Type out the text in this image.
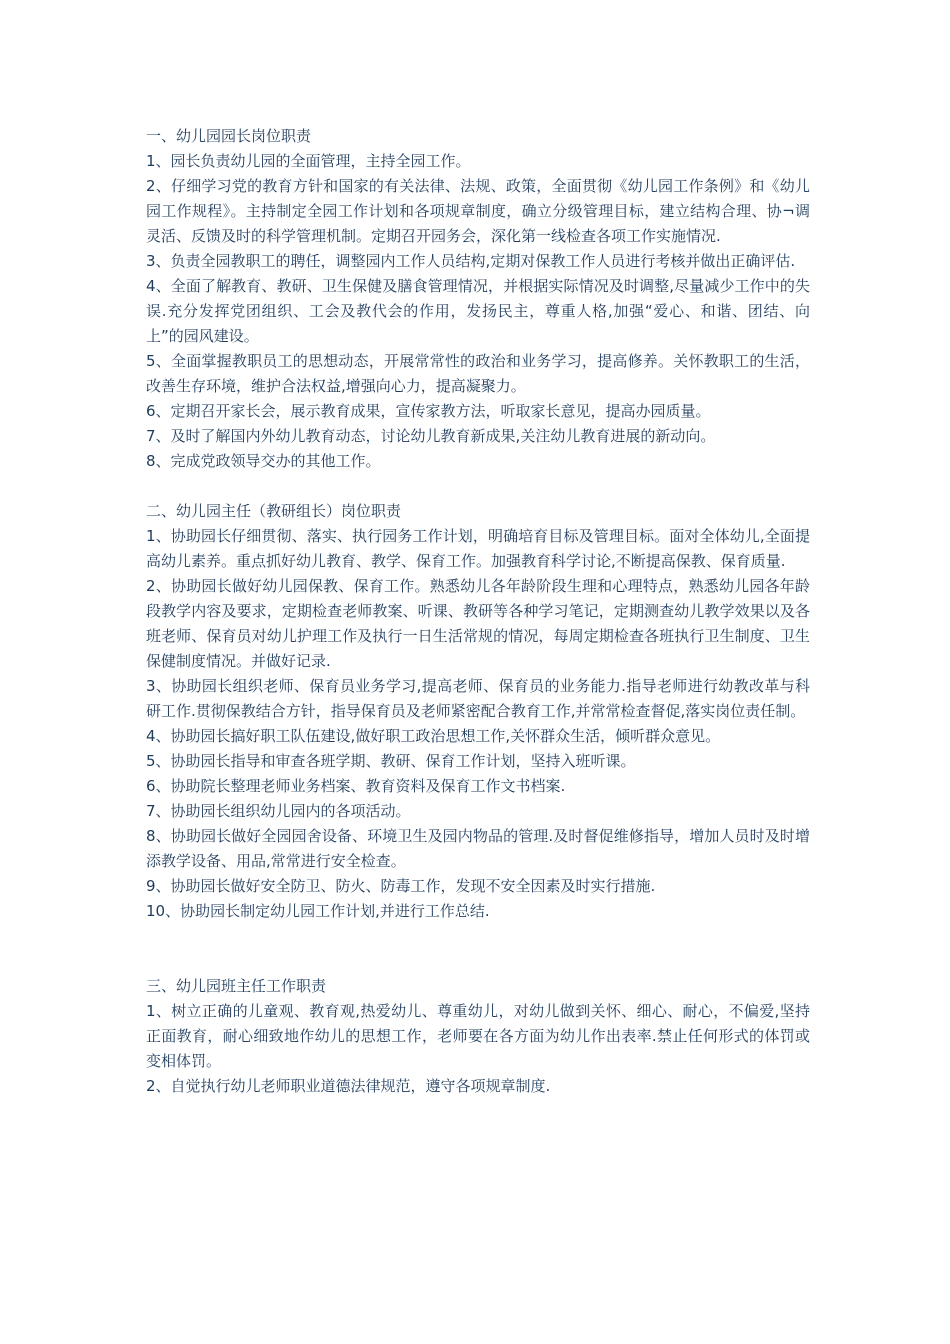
一、幼儿园园长岗位职责

1、园长负责幼儿园的全面管理，主持全园工作。

2、仔细学习党的教育方针和国家的有关法律、法规、政策，全面贯彻《幼儿园工作条例》和《幼儿园工作规程》。主持制定全园工作计划和各项规章制度，确立分级管理目标，建立结构合理、协¬调灵活、反馈及时的科学管理机制。定期召开园务会，深化第一线检查各项工作实施情况.

3、负责全园教职工的聘任，调整园内工作人员结构,定期对保教工作人员进行考核并做出正确评估.

4、全面了解教育、教研、卫生保健及膳食管理情况，并根据实际情况及时调整,尽量减少工作中的失误.充分发挥党团组织、工会及教代会的作用，发扬民主，尊重人格,加强“爱心、和谐、团结、向上”的园风建设。

5、全面掌握教职员工的思想动态，开展常常性的政治和业务学习，提高修养。关怀教职工的生活，改善生存环境，维护合法权益,增强向心力，提高凝聚力。

6、定期召开家长会，展示教育成果，宣传家教方法，听取家长意见，提高办园质量。

7、及时了解国内外幼儿教育动态，讨论幼儿教育新成果,关注幼儿教育进展的新动向。

8、完成党政领导交办的其他工作。

二、幼儿园主任（教研组长）岗位职责

1、协助园长仔细贯彻、落实、执行园务工作计划，明确培育目标及管理目标。面对全体幼儿,全面提高幼儿素养。重点抓好幼儿教育、教学、保育工作。加强教育科学讨论,不断提高保教、保育质量.

2、协助园长做好幼儿园保教、保育工作。熟悉幼儿各年龄阶段生理和心理特点，熟悉幼儿园各年龄段教学内容及要求，定期检查老师教案、听课、教研等各种学习笔记，定期测查幼儿教学效果以及各班老师、保育员对幼儿护理工作及执行一日生活常规的情况，每周定期检查各班执行卫生制度、卫生保健制度情况。并做好记录.

3、协助园长组织老师、保育员业务学习,提高老师、保育员的业务能力.指导老师进行幼教改革与科研工作.贯彻保教结合方针，指导保育员及老师紧密配合教育工作,并常常检查督促,落实岗位责任制。

4、协助园长搞好职工队伍建设,做好职工政治思想工作,关怀群众生活，倾听群众意见。

5、协助园长指导和审查各班学期、教研、保育工作计划，坚持入班听课。

6、协助院长整理老师业务档案、教育资料及保育工作文书档案.

7、协助园长组织幼儿园内的各项活动。

8、协助园长做好全园园舍设备、环境卫生及园内物品的管理.及时督促维修指导，增加人员时及时增添教学设备、用品,常常进行安全检查。

9、协助园长做好安全防卫、防火、防毒工作，发现不安全因素及时实行措施.

10、协助园长制定幼儿园工作计划,并进行工作总结.

三、幼儿园班主任工作职责

1、树立正确的儿童观、教育观,热爱幼儿、尊重幼儿，对幼儿做到关怀、细心、耐心，不偏爱,坚持正面教育，耐心细致地作幼儿的思想工作，老师要在各方面为幼儿作出表率.禁止任何形式的体罚或变相体罚。

2、自觉执行幼儿老师职业道德法律规范，遵守各项规章制度.
